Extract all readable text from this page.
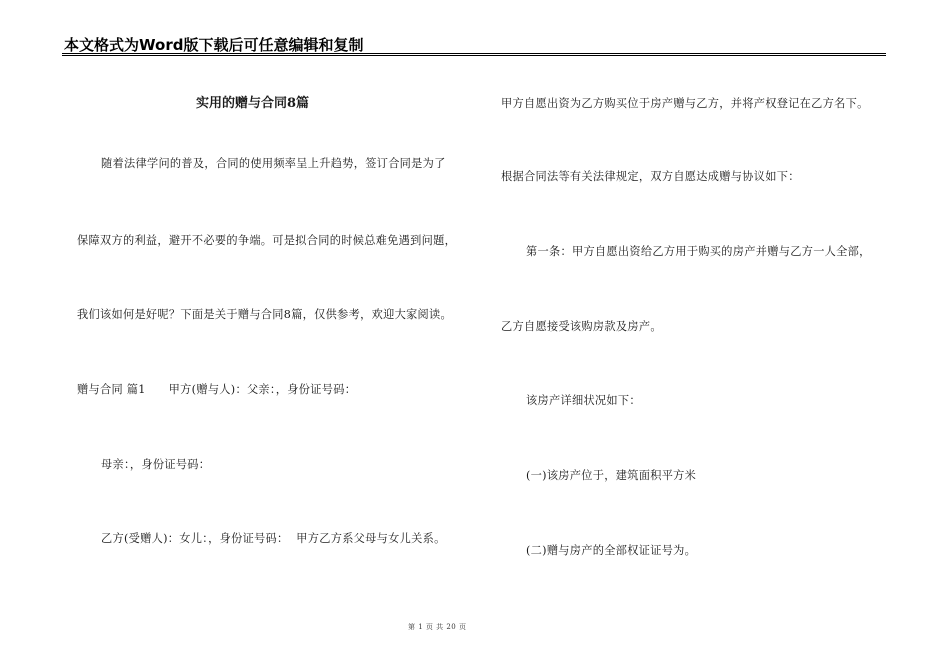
本文格式为Word版下载后可任意编辑和复制
实用的赠与合同8篇
随着法律学问的普及，合同的使用频率呈上升趋势，签订合同是为了
保障双方的利益，避开不必要的争端。可是拟合同的时候总难免遇到问题，
我们该如何是好呢？下面是关于赠与合同8篇，仅供参考，欢迎大家阅读。
赠与合同 篇1　　甲方(赠与人)：父亲：，身份证号码：
母亲：，身份证号码：
乙方(受赠人)：女儿：，身份证号码：  甲方乙方系父母与女儿关系。
甲方自愿出资为乙方购买位于房产赠与乙方，并将产权登记在乙方名下。
根据合同法等有关法律规定，双方自愿达成赠与协议如下：
第一条：甲方自愿出资给乙方用于购买的房产并赠与乙方一人全部，
乙方自愿接受该购房款及房产。
该房产详细状况如下：
(一)该房产位于，建筑面积平方米
(二)赠与房产的全部权证证号为。
第 1 页 共 20 页
